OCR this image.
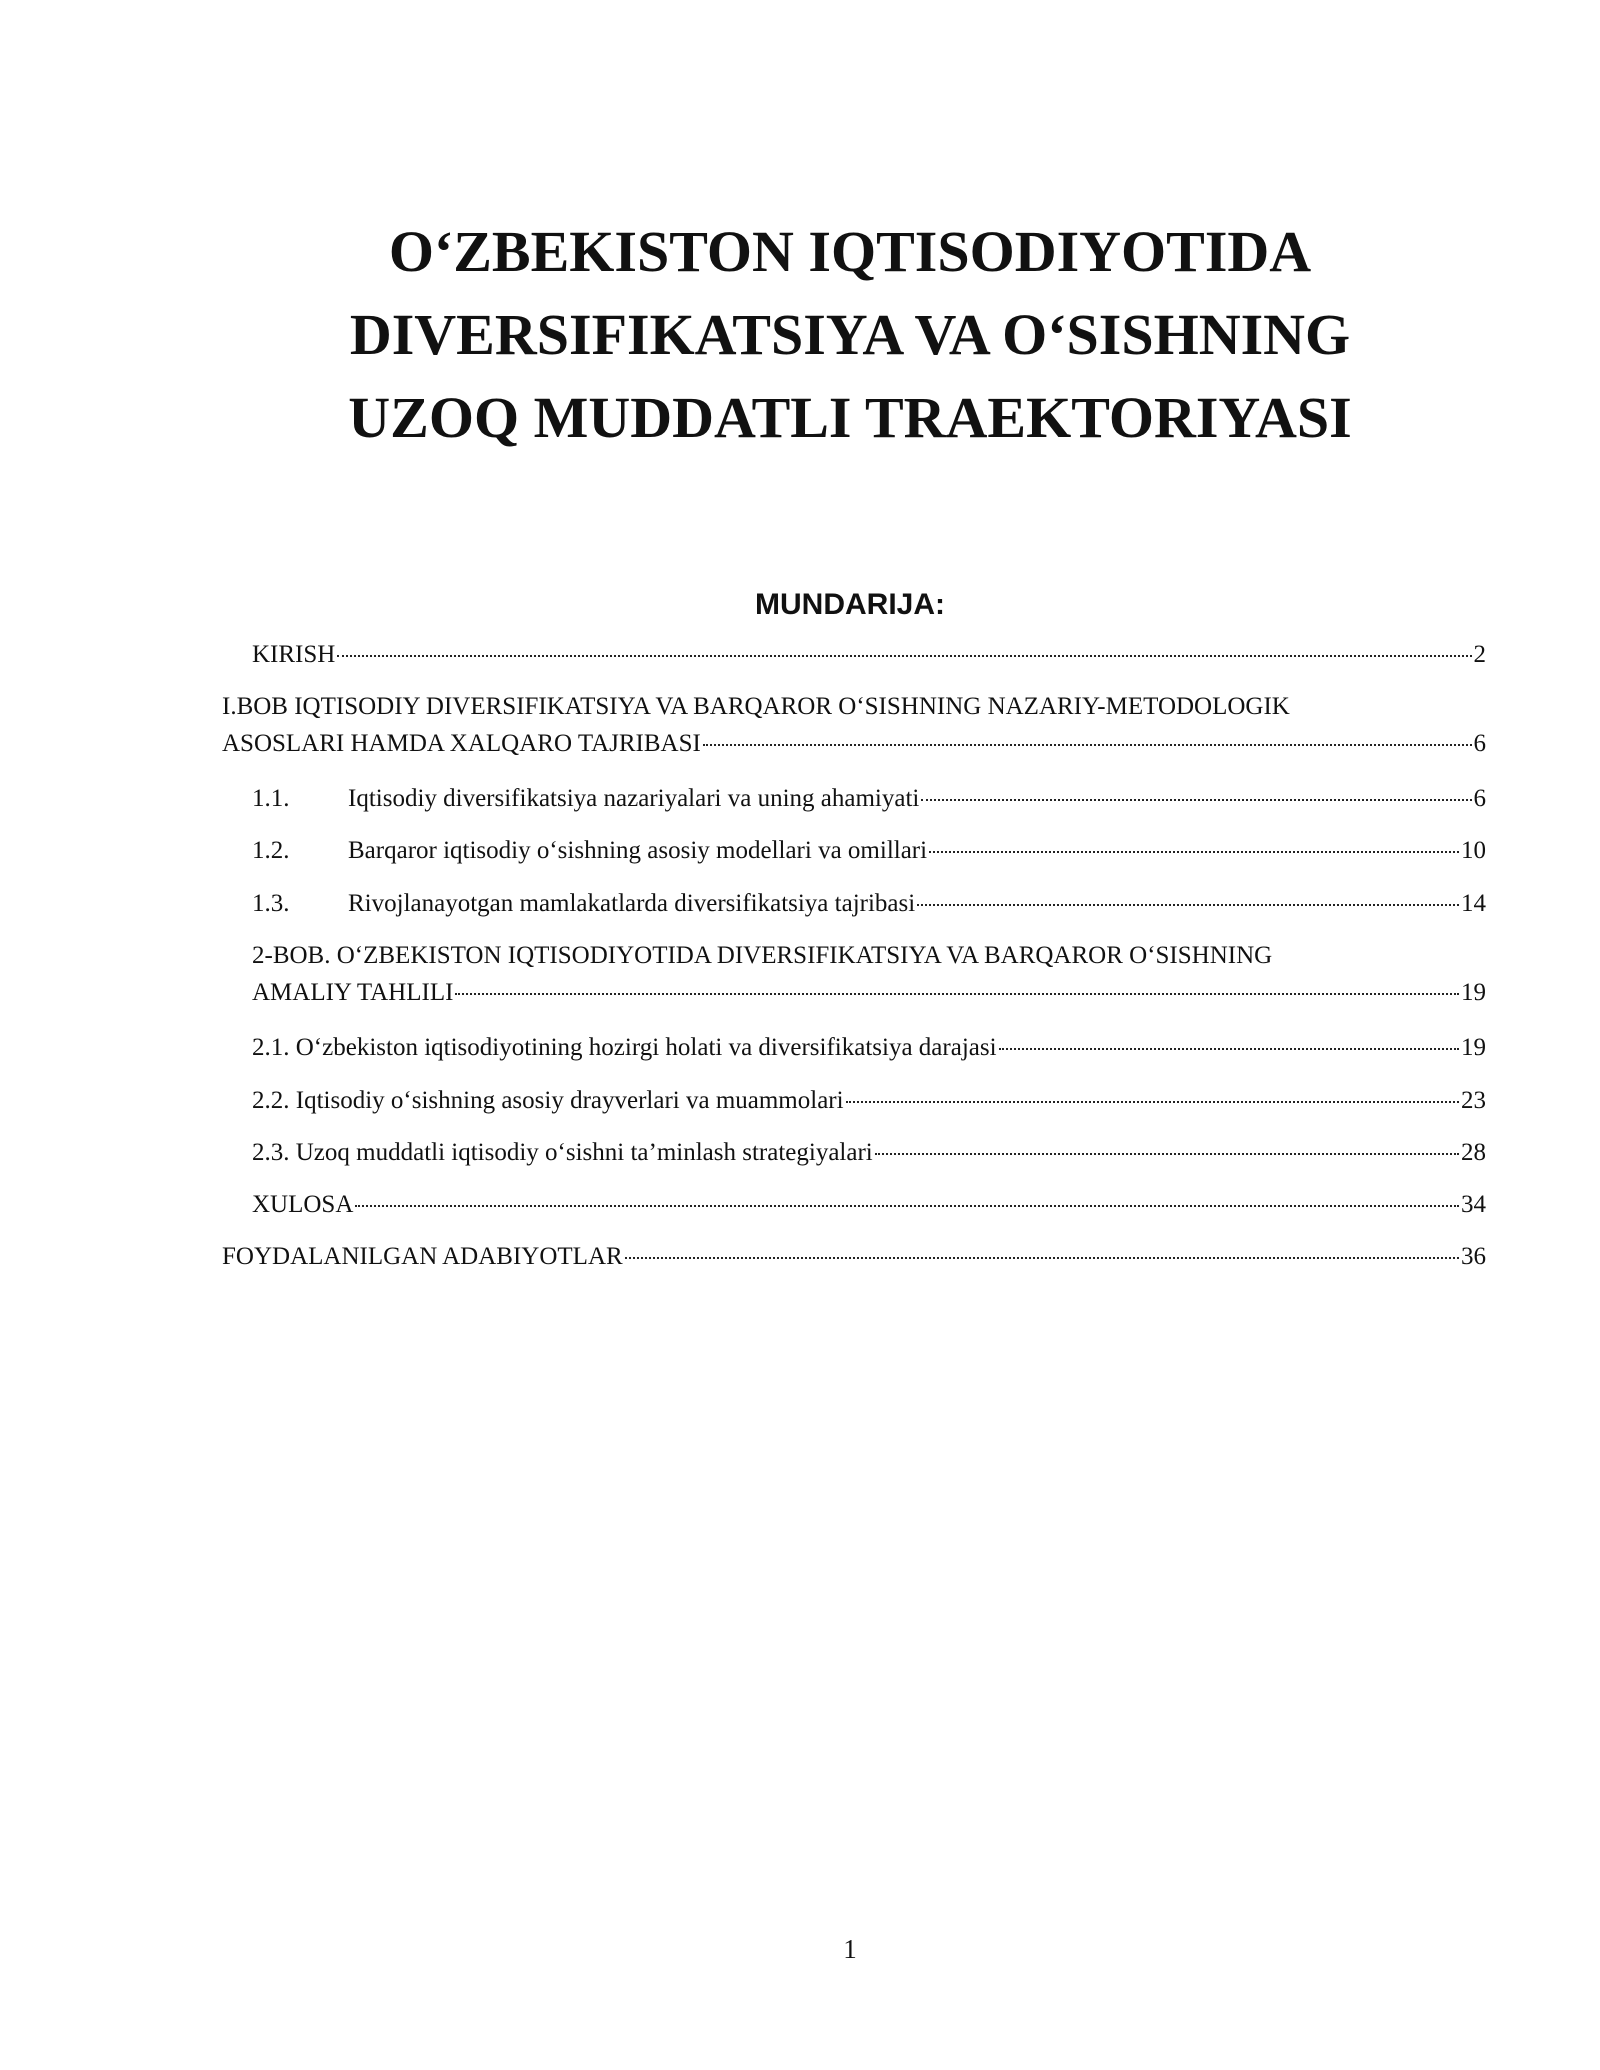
O‘ZBEKISTON IQTISODIYOTIDA
DIVERSIFIKATSIYA VA O‘SISHNING
UZOQ MUDDATLI TRAEKTORIYASI
MUNDARIJA:
KIRISH	2
I.BOB IQTISODIY DIVERSIFIKATSIYA VA BARQAROR O‘SISHNING NAZARIY-METODOLOGIK
ASOSLARI HAMDA XALQARO TAJRIBASI	6
1.1.	Iqtisodiy diversifikatsiya nazariyalari va uning ahamiyati	6
1.2.	Barqaror iqtisodiy o‘sishning asosiy modellari va omillari	10
1.3.	Rivojlanayotgan mamlakatlarda diversifikatsiya tajribasi	14
2-BOB. O‘ZBEKISTON IQTISODIYOTIDA DIVERSIFIKATSIYA VA BARQAROR O‘SISHNING
AMALIY TAHLILI	19
2.1. O‘zbekiston iqtisodiyotining hozirgi holati va diversifikatsiya darajasi	19
2.2. Iqtisodiy o‘sishning asosiy drayverlari va muammolari	23
2.3. Uzoq muddatli iqtisodiy o‘sishni ta’minlash strategiyalari	28
XULOSA	34
FOYDALANILGAN ADABIYOTLAR	36
1
